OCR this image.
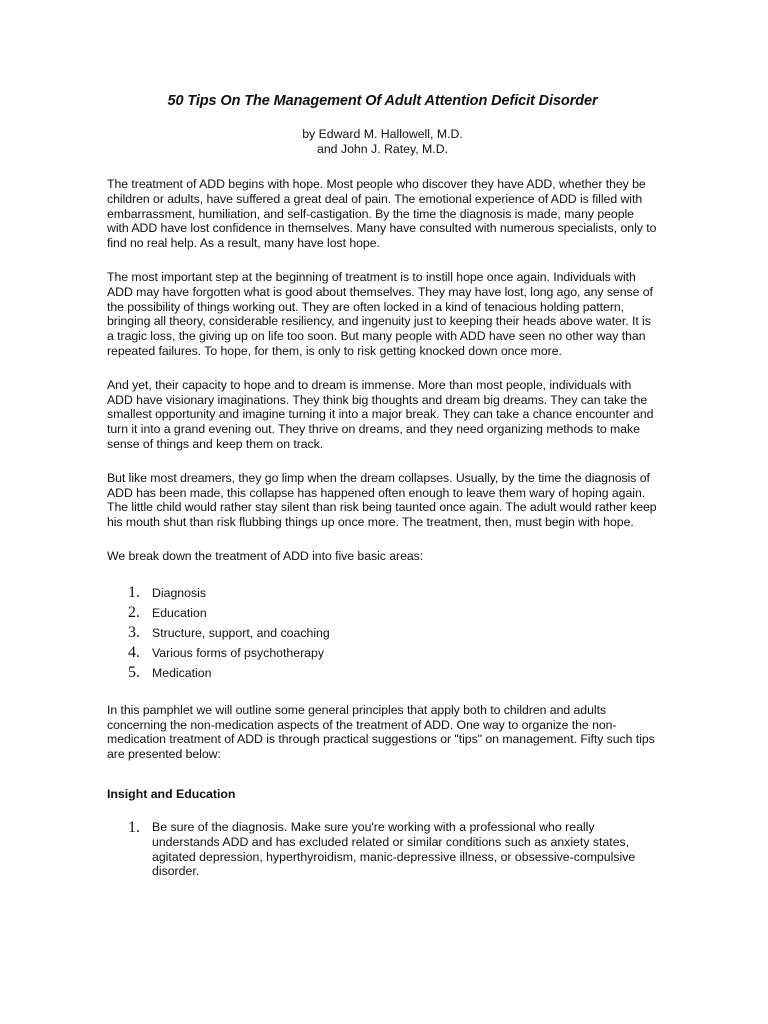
50 Tips On The Management Of Adult Attention Deficit Disorder
by Edward M. Hallowell, M.D.
and John J. Ratey, M.D.

The treatment of ADD begins with hope. Most people who discover they have ADD, whether they be children or adults, have suffered a great deal of pain. The emotional experience of ADD is filled with embarrassment, humiliation, and self-castigation. By the time the diagnosis is made, many people with ADD have lost confidence in themselves. Many have consulted with numerous specialists, only to find no real help. As a result, many have lost hope.

The most important step at the beginning of treatment is to instill hope once again. Individuals with ADD may have forgotten what is good about themselves. They may have lost, long ago, any sense of the possibility of things working out. They are often locked in a kind of tenacious holding pattern, bringing all theory, considerable resiliency, and ingenuity just to keeping their heads above water. It is a tragic loss, the giving up on life too soon. But many people with ADD have seen no other way than repeated failures. To hope, for them, is only to risk getting knocked down once more.

And yet, their capacity to hope and to dream is immense. More than most people, individuals with ADD have visionary imaginations. They think big thoughts and dream big dreams. They can take the smallest opportunity and imagine turning it into a major break. They can take a chance encounter and turn it into a grand evening out. They thrive on dreams, and they need organizing methods to make sense of things and keep them on track.

But like most dreamers, they go limp when the dream collapses. Usually, by the time the diagnosis of ADD has been made, this collapse has happened often enough to leave them wary of hoping again. The little child would rather stay silent than risk being taunted once again. The adult would rather keep his mouth shut than risk flubbing things up once more. The treatment, then, must begin with hope.

We break down the treatment of ADD into five basic areas:

1. Diagnosis
2. Education
3. Structure, support, and coaching
4. Various forms of psychotherapy
5. Medication

In this pamphlet we will outline some general principles that apply both to children and adults concerning the non-medication aspects of the treatment of ADD. One way to organize the non-medication treatment of ADD is through practical suggestions or "tips" on management. Fifty such tips are presented below:

Insight and Education
1. Be sure of the diagnosis. Make sure you're working with a professional who really understands ADD and has excluded related or similar conditions such as anxiety states, agitated depression, hyperthyroidism, manic-depressive illness, or obsessive-compulsive disorder.
